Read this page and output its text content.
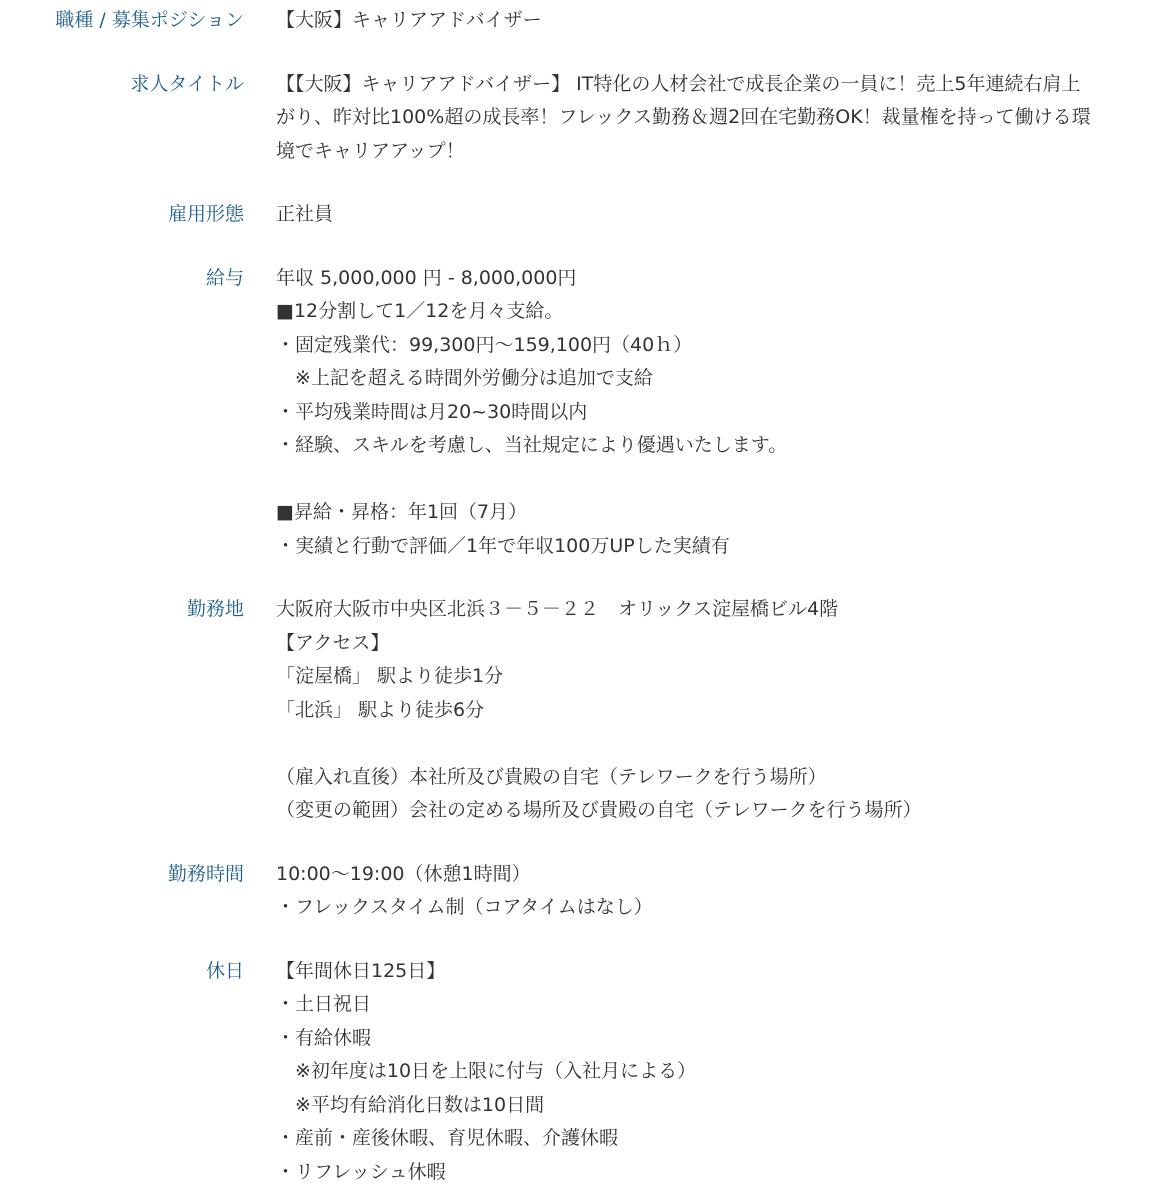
職種 / 募集ポジション 【大阪】キャリアアドバイザー
求人タイトル 【【大阪】キャリアアドバイザー】 IT特化の人材会社で成長企業の一員に！売上5年連続右肩上がり、昨対比100%超の成長率！フレックス勤務＆週2回在宅勤務OK！裁量権を持って働ける環境でキャリアアップ！
雇用形態 正社員
給与 年収 5,000,000 円 - 8,000,000円
■12分割して1／12を月々支給。
・固定残業代：99,300円～159,100円（40ｈ）
　※上記を超える時間外労働分は追加で支給
・平均残業時間は月20~30時間以内
・経験、スキルを考慮し、当社規定により優遇いたします。

■昇給・昇格：年1回（7月）
・実績と行動で評価／1年で年収100万UPした実績有
勤務地 大阪府大阪市中央区北浜３－５－２２　オリックス淀屋橋ビル4階
【アクセス】
「淀屋橋」 駅より徒歩1分
「北浜」 駅より徒歩6分

（雇入れ直後）本社所及び貴殿の自宅（テレワークを行う場所）
（変更の範囲）会社の定める場所及び貴殿の自宅（テレワークを行う場所）
勤務時間 10:00～19:00（休憩1時間）
・フレックスタイム制（コアタイムはなし）
休日 【年間休日125日】
・土日祝日
・有給休暇
　※初年度は10日を上限に付与（入社月による）
　※平均有給消化日数は10日間
・産前・産後休暇、育児休暇、介護休暇
・リフレッシュ休暇
